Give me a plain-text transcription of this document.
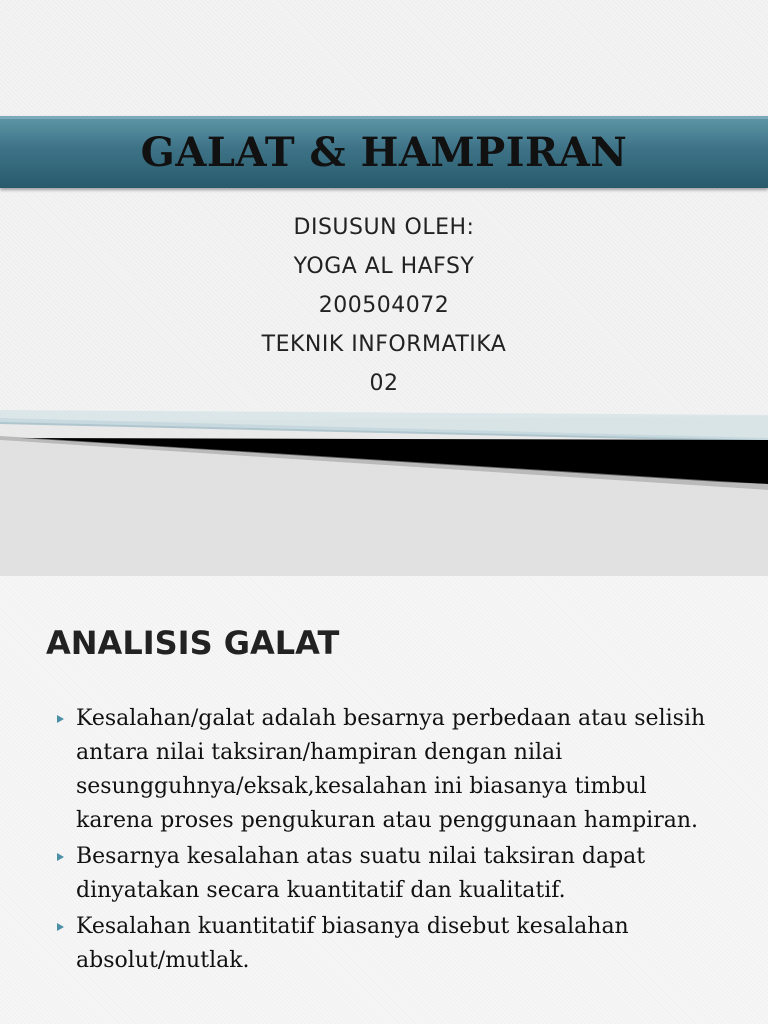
GALAT & HAMPIRAN
DISUSUN OLEH:
YOGA AL HAFSY
200504072
TEKNIK INFORMATIKA
02
ANALISIS GALAT
Kesalahan/galat adalah besarnya perbedaan atau selisih antara nilai taksiran/hampiran dengan nilai sesungguhnya/eksak,kesalahan ini biasanya timbul karena proses pengukuran atau penggunaan hampiran.
Besarnya kesalahan atas suatu nilai taksiran dapat dinyatakan secara kuantitatif dan kualitatif.
Kesalahan kuantitatif biasanya disebut kesalahan absolut/mutlak.
